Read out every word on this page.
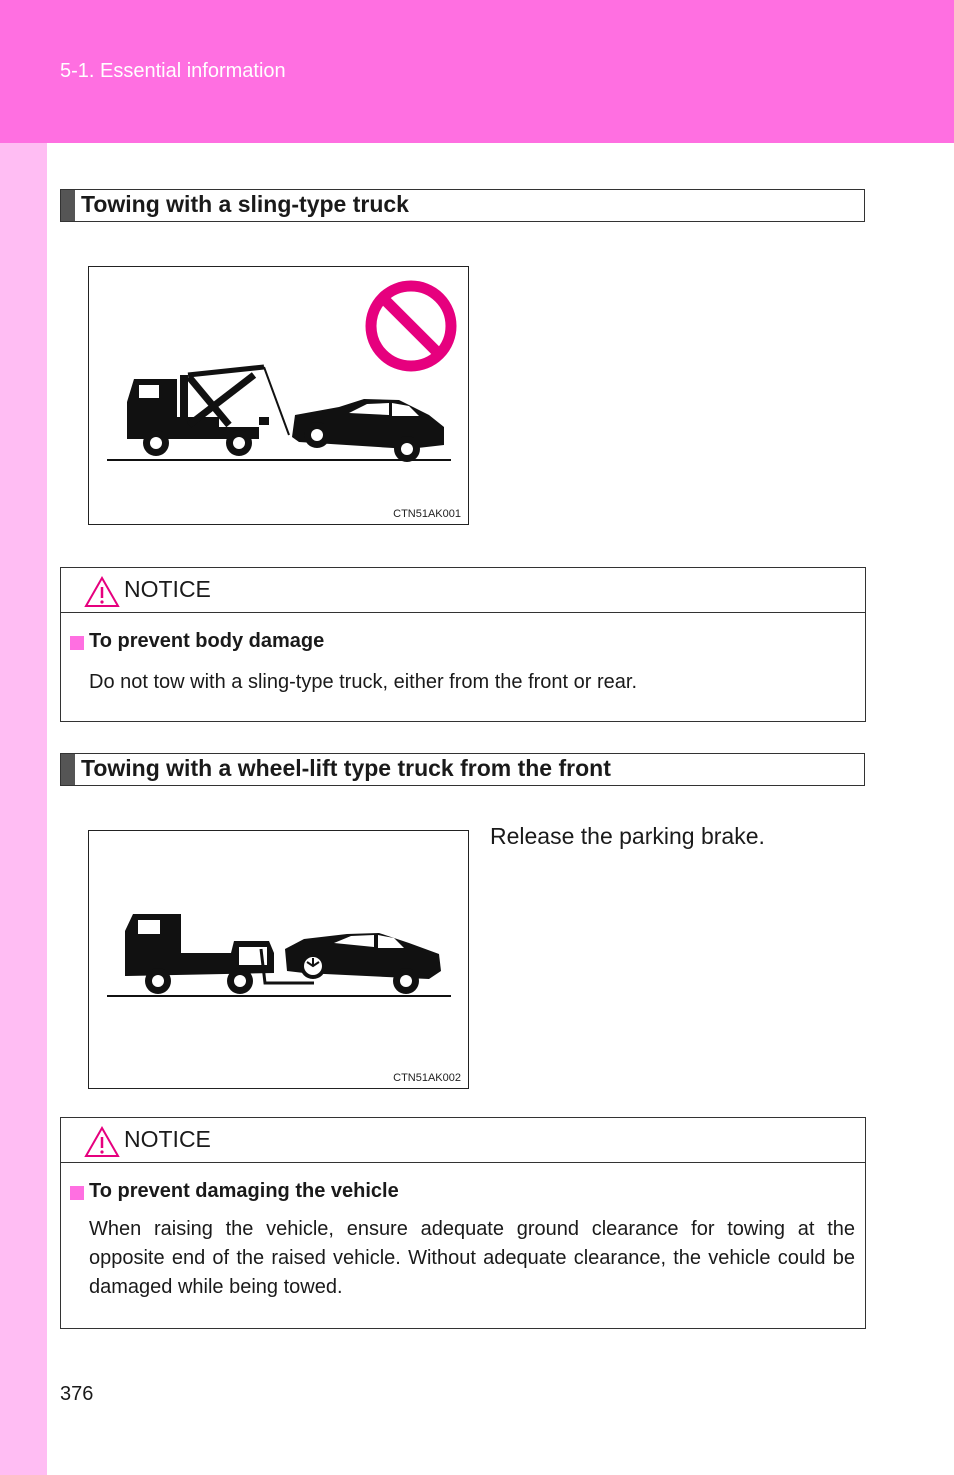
5-1. Essential information
Towing with a sling-type truck
CTN51AK001
NOTICE
To prevent body damage
Do not tow with a sling-type truck, either from the front or rear.
Towing with a wheel-lift type truck from the front
CTN51AK002
Release the parking brake.
NOTICE
To prevent damaging the vehicle
When raising the vehicle, ensure adequate ground clearance for towing at the opposite end of the raised vehicle. Without adequate clearance, the vehicle could be damaged while being towed.
376
